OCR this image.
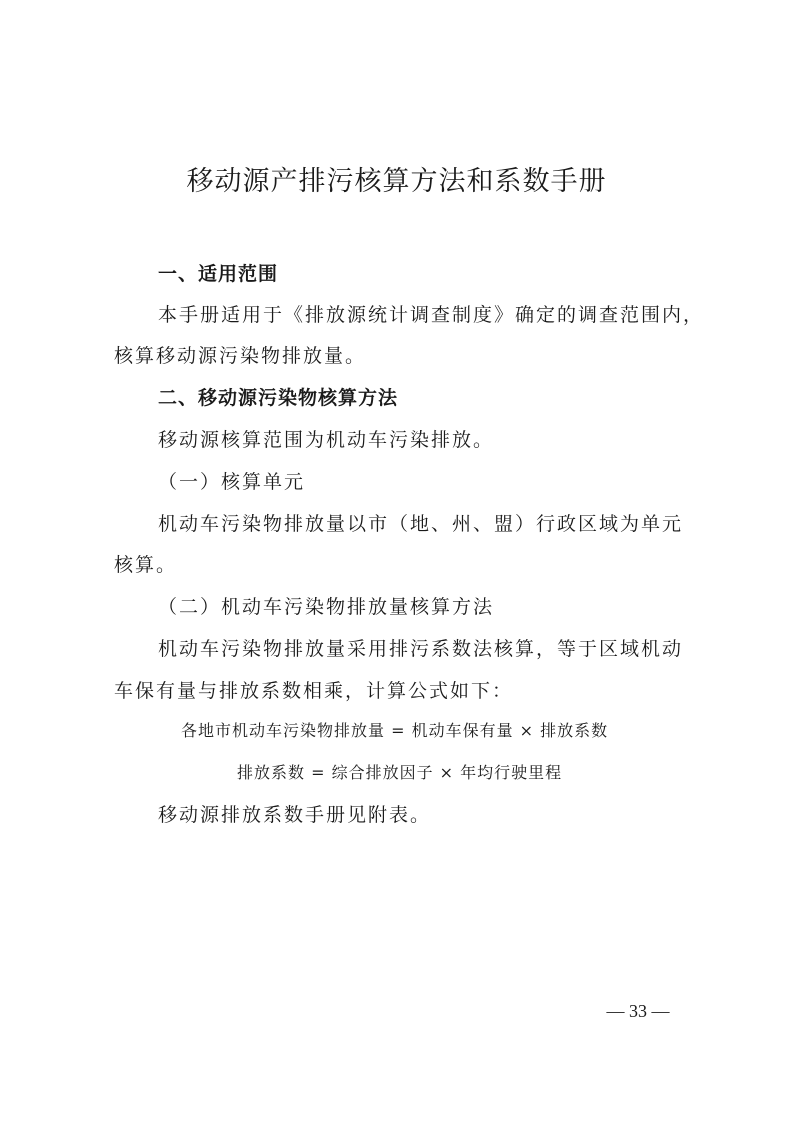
移动源产排污核算方法和系数手册
一、适用范围
本手册适用于《排放源统计调查制度》确定的调查范围内，
核算移动源污染物排放量。
二、移动源污染物核算方法
移动源核算范围为机动车污染排放。
（一）核算单元
机动车污染物排放量以市（地、州、盟）行政区域为单元
核算。
（二）机动车污染物排放量核算方法
机动车污染物排放量采用排污系数法核算，等于区域机动
车保有量与排放系数相乘，计算公式如下：
各地市机动车污染物排放量 = 机动车保有量 × 排放系数
排放系数 = 综合排放因子 × 年均行驶里程
移动源排放系数手册见附表。
— 33 —
